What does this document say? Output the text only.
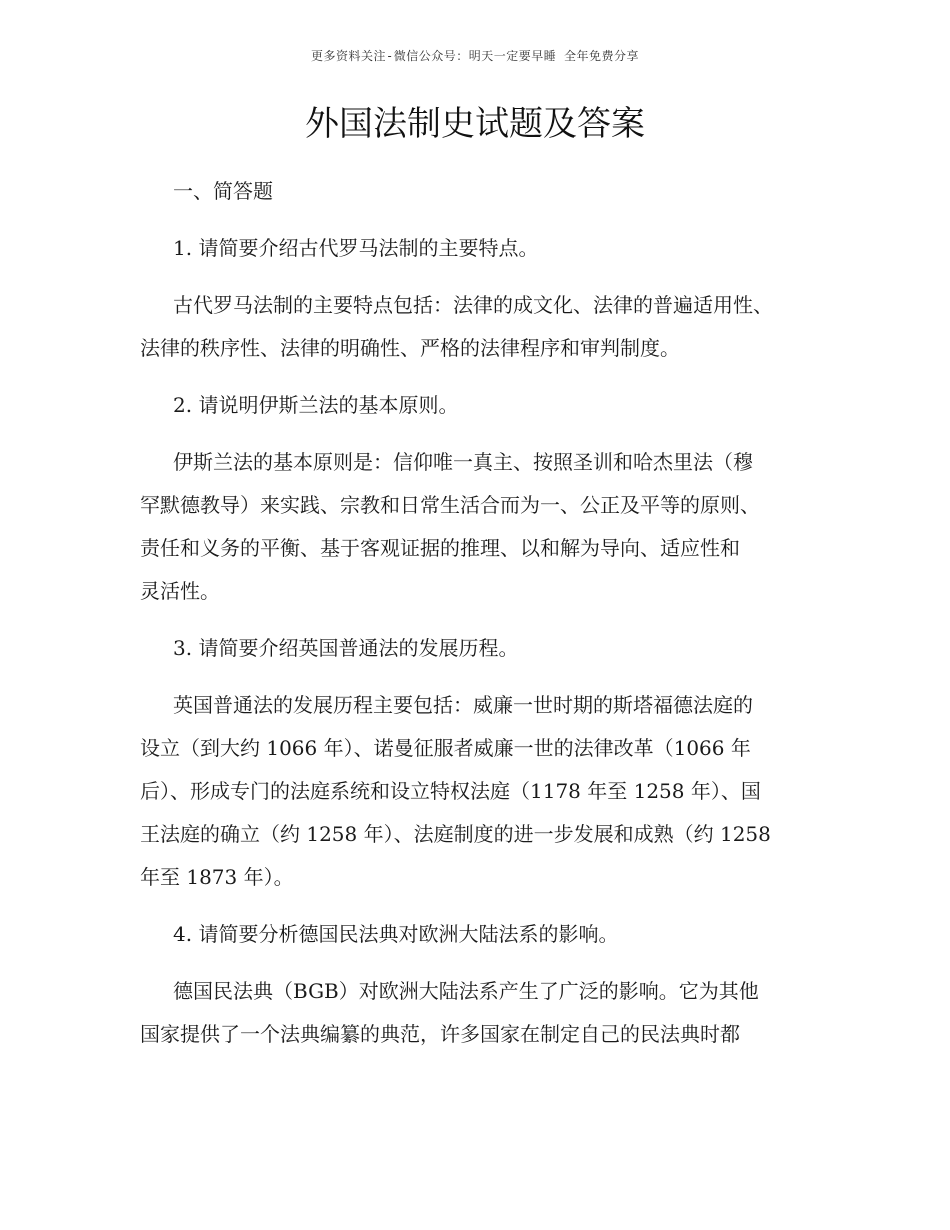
更多资料关注-微信公众号：明天一定要早睡 全年免费分享
外国法制史试题及答案
一、简答题
1. 请简要介绍古代罗马法制的主要特点。
古代罗马法制的主要特点包括：法律的成文化、法律的普遍适用性、
法律的秩序性、法律的明确性、严格的法律程序和审判制度。
2. 请说明伊斯兰法的基本原则。
伊斯兰法的基本原则是：信仰唯一真主、按照圣训和哈杰里法（穆
罕默德教导）来实践、宗教和日常生活合而为一、公正及平等的原则、
责任和义务的平衡、基于客观证据的推理、以和解为导向、适应性和
灵活性。
3. 请简要介绍英国普通法的发展历程。
英国普通法的发展历程主要包括：威廉一世时期的斯塔福德法庭的
设立（到大约 1066 年）、诺曼征服者威廉一世的法律改革（1066 年
后）、形成专门的法庭系统和设立特权法庭（1178 年至 1258 年）、国
王法庭的确立（约 1258 年）、法庭制度的进一步发展和成熟（约 1258
年至 1873 年）。
4. 请简要分析德国民法典对欧洲大陆法系的影响。
德国民法典（BGB）对欧洲大陆法系产生了广泛的影响。它为其他
国家提供了一个法典编纂的典范，许多国家在制定自己的民法典时都
